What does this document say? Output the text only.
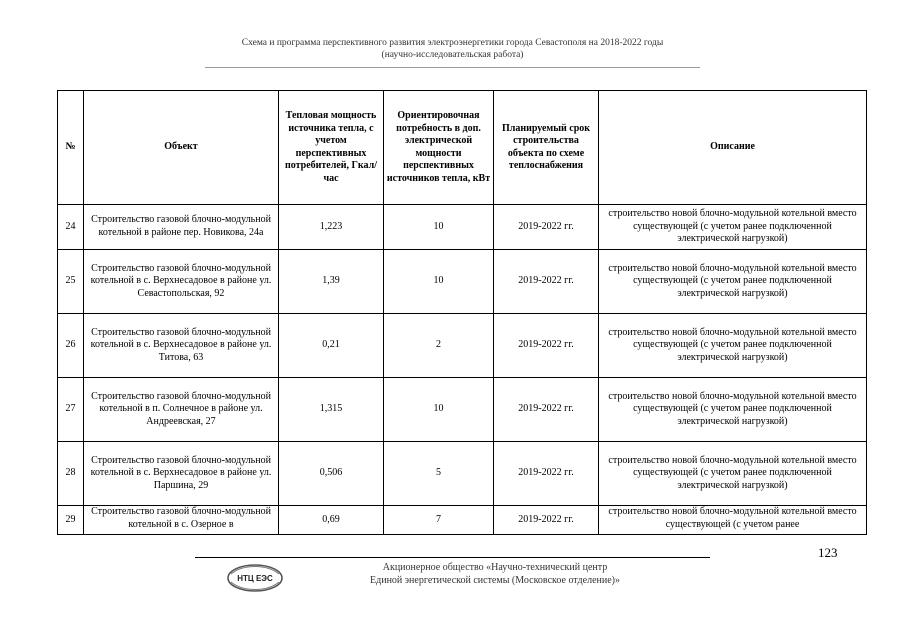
Схема и программа перспективного развития электроэнергетики города Севастополя на 2018-2022 годы
(научно-исследовательская работа)
№	Объект	Тепловая мощность источника тепла, с учетом перспективных потребителей, Гкал/час	Ориентировочная потребность в доп. электрической мощности перспективных источников тепла, кВт	Планируемый срок строительства объекта по схеме теплоснабжения	Описание
24	Строительство газовой блочно-модульной котельной в районе пер. Новикова, 24а	1,223	10	2019-2022 гг.	строительство новой блочно-модульной котельной вместо существующей (с учетом ранее подключенной электрической нагрузкой)
25	Строительство газовой блочно-модульной котельной в с. Верхнесадовое в районе ул. Севастопольская, 92	1,39	10	2019-2022 гг.	строительство новой блочно-модульной котельной вместо существующей (с учетом ранее подключенной электрической нагрузкой)
26	Строительство газовой блочно-модульной котельной в с. Верхнесадовое в районе ул. Титова, 63	0,21	2	2019-2022 гг.	строительство новой блочно-модульной котельной вместо существующей (с учетом ранее подключенной электрической нагрузкой)
27	Строительство газовой блочно-модульной котельной в п. Солнечное в районе ул. Андреевская, 27	1,315	10	2019-2022 гг.	строительство новой блочно-модульной котельной вместо существующей (с учетом ранее подключенной электрической нагрузкой)
28	Строительство газовой блочно-модульной котельной в с. Верхнесадовое в районе ул. Паршина, 29	0,506	5	2019-2022 гг.	строительство новой блочно-модульной котельной вместо существующей (с учетом ранее подключенной электрической нагрузкой)
29	Строительство газовой блочно-модульной котельной в с. Озерное в	0,69	7	2019-2022 гг.	строительство новой блочно-модульной котельной вместо существующей (с учетом ранее
123
НТЦ ЕЭС
Акционерное общество «Научно-технический центр
Единой энергетической системы (Московское отделение)»
